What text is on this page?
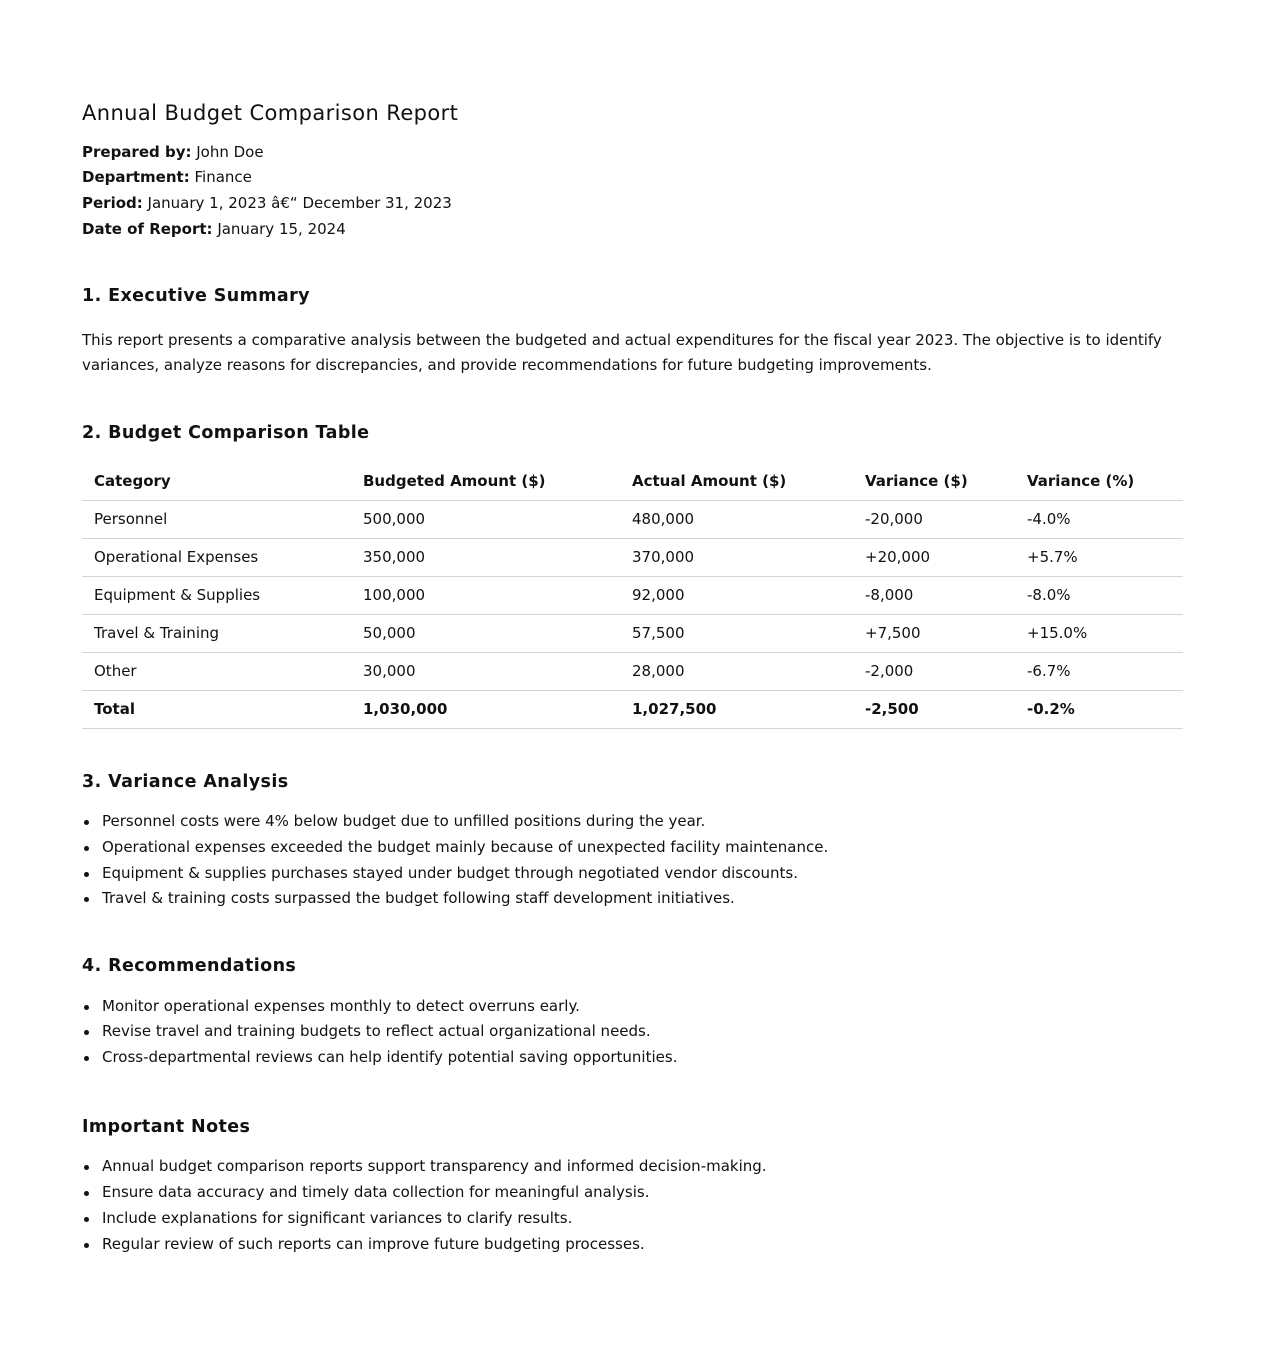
Annual Budget Comparison Report
Prepared by: John Doe
Department: Finance
Period: January 1, 2023 â€“ December 31, 2023
Date of Report: January 15, 2024
1. Executive Summary

This report presents a comparative analysis between the budgeted and actual expenditures for the fiscal year 2023. The objective is to identify variances, analyze reasons for discrepancies, and provide recommendations for future budgeting improvements.

2. Budget Comparison Table
Category	Budgeted Amount ($)	Actual Amount ($)	Variance ($)	Variance (%)
Personnel	500,000	480,000	-20,000	-4.0%
Operational Expenses	350,000	370,000	+20,000	+5.7%
Equipment & Supplies	100,000	92,000	-8,000	-8.0%
Travel & Training	50,000	57,500	+7,500	+15.0%
Other	30,000	28,000	-2,000	-6.7%
Total	1,030,000	1,027,500	-2,500	-0.2%
3. Variance Analysis
Personnel costs were 4% below budget due to unfilled positions during the year.
Operational expenses exceeded the budget mainly because of unexpected facility maintenance.
Equipment & supplies purchases stayed under budget through negotiated vendor discounts.
Travel & training costs surpassed the budget following staff development initiatives.
4. Recommendations
Monitor operational expenses monthly to detect overruns early.
Revise travel and training budgets to reflect actual organizational needs.
Cross-departmental reviews can help identify potential saving opportunities.
Important Notes
Annual budget comparison reports support transparency and informed decision-making.
Ensure data accuracy and timely data collection for meaningful analysis.
Include explanations for significant variances to clarify results.
Regular review of such reports can improve future budgeting processes.
